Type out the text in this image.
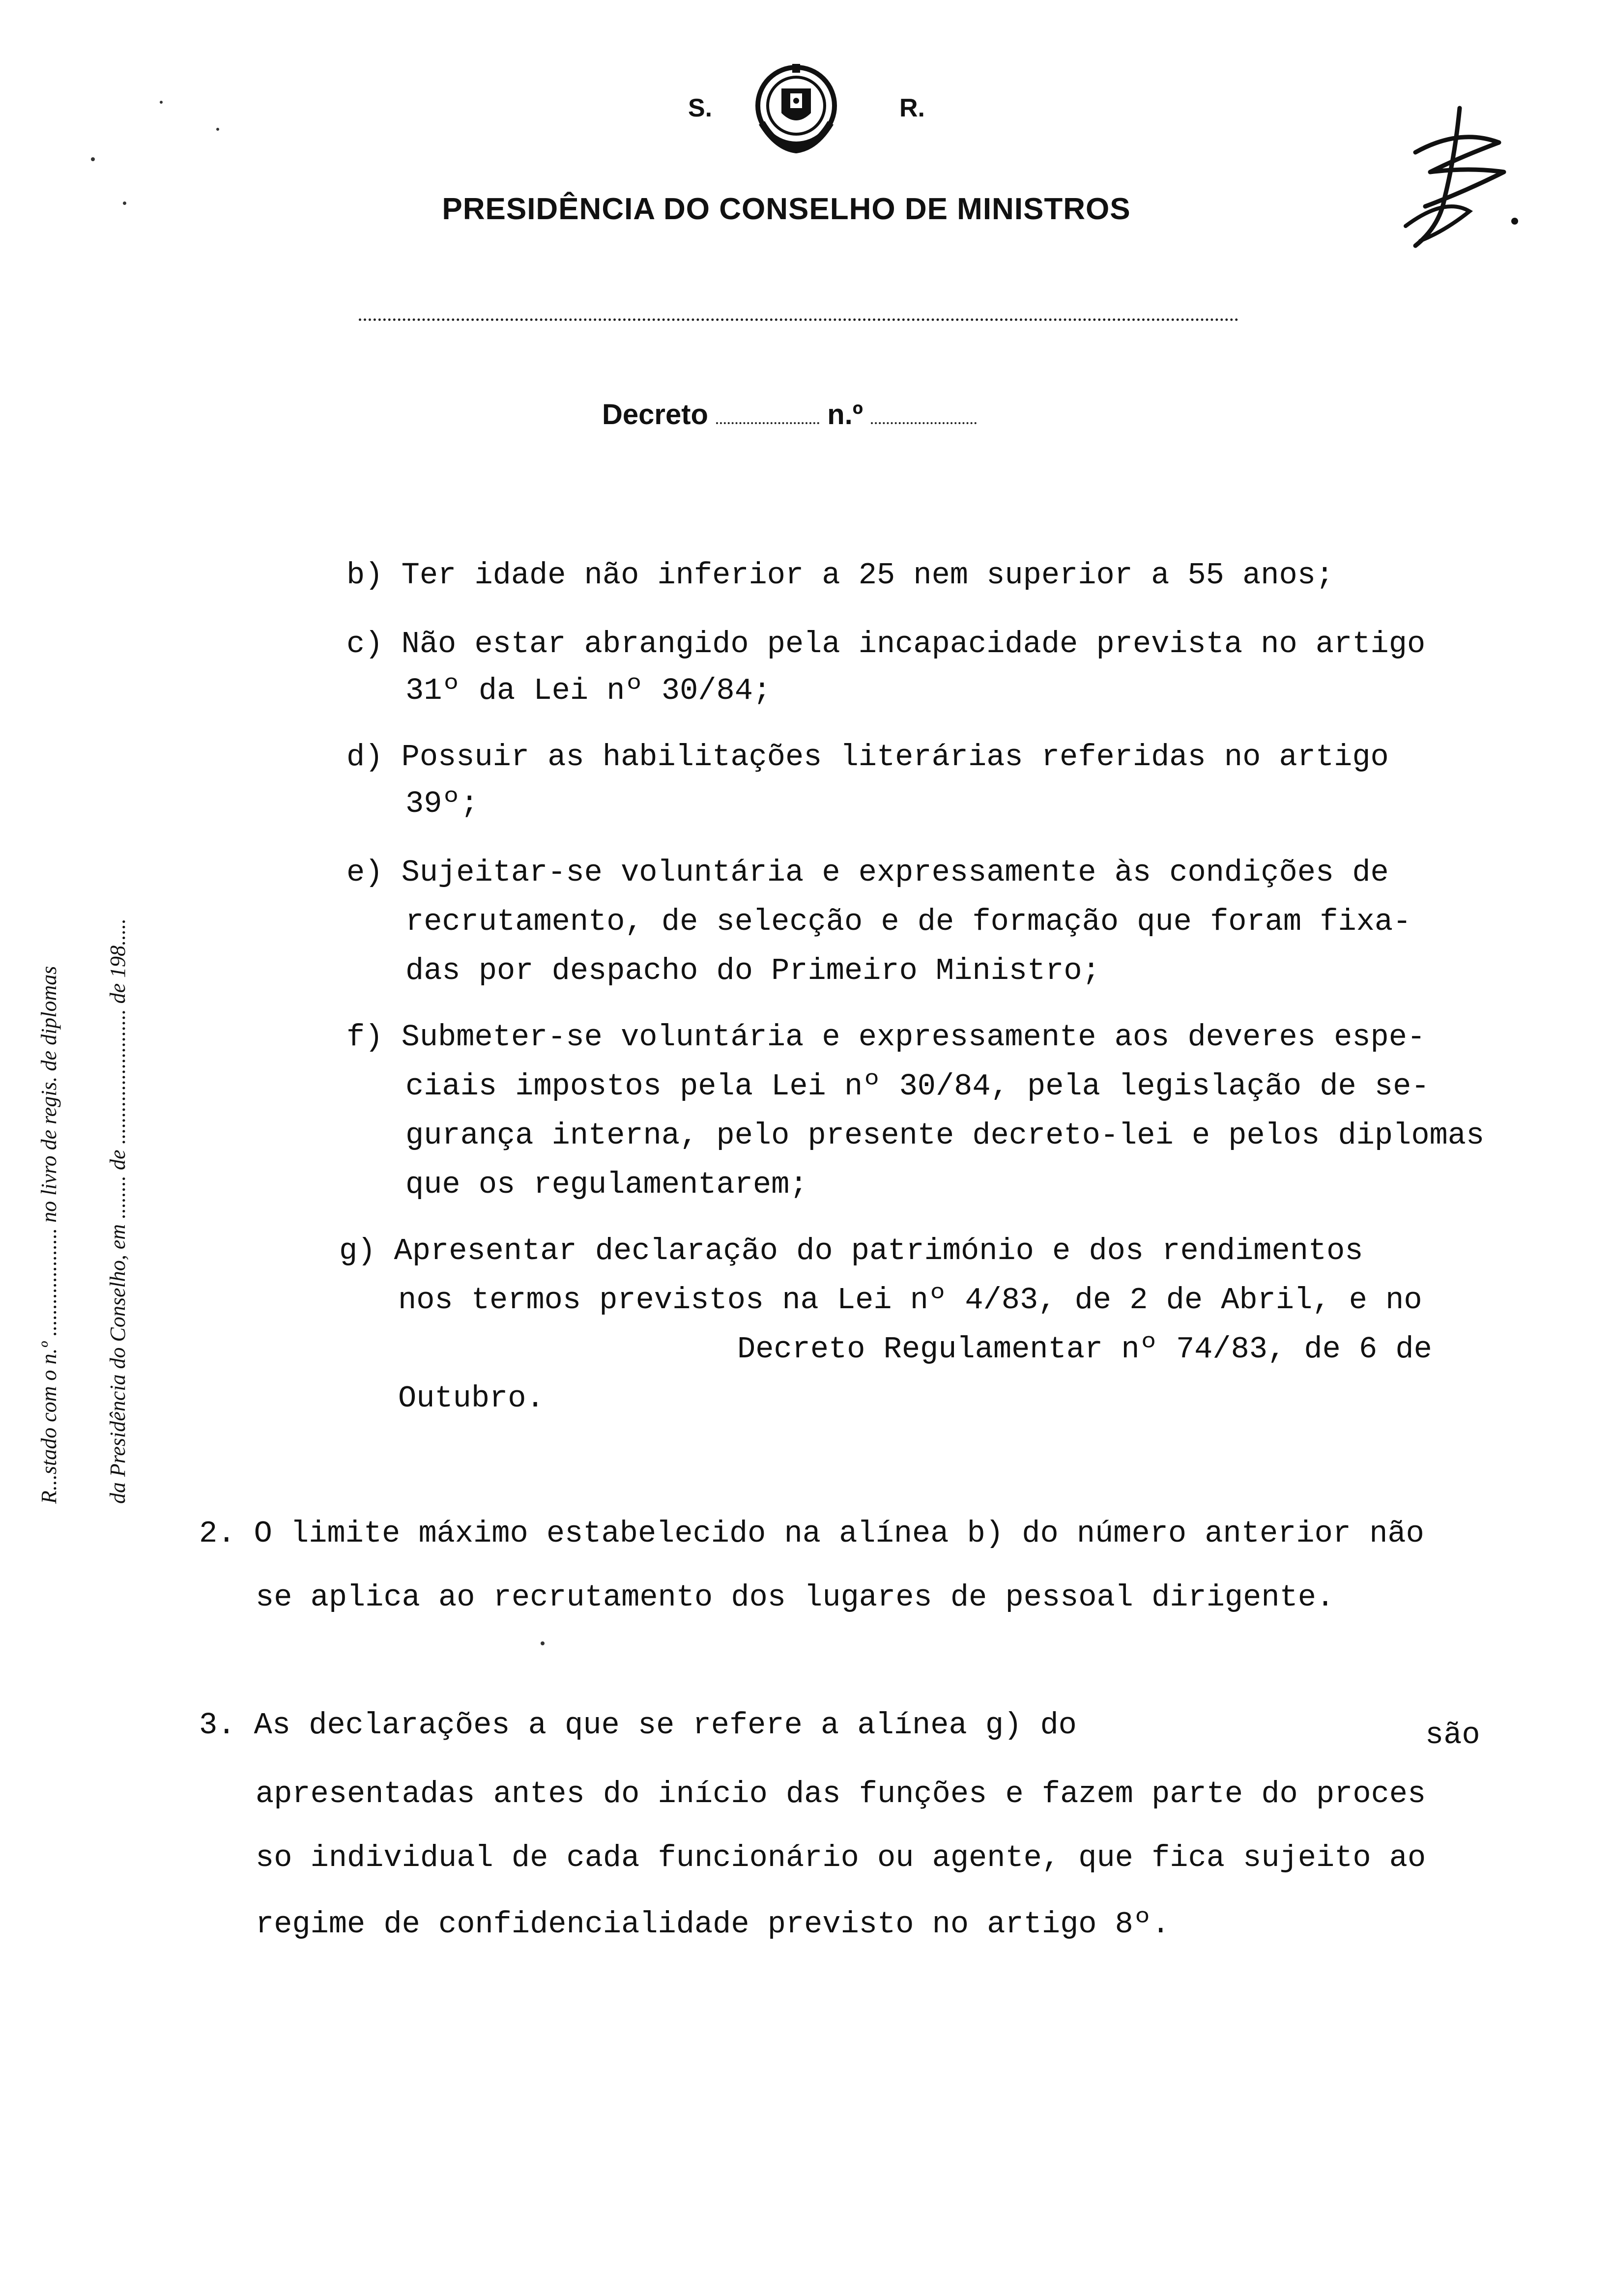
S.	R.
PRESIDÊNCIA DO CONSELHO DE MINISTROS
Decreto	n.º
R...stado com o n.º .................... no livro de regis. de diplomas	da Presidência do Conselho, em ........ de ......................... de 198.....
b) Ter idade não inferior a 25 nem superior a 55 anos;
c) Não estar abrangido pela incapacidade prevista no artigo
31º da Lei nº 30/84;
d) Possuir as habilitações literárias referidas no artigo
39º;
e) Sujeitar-se voluntária e expressamente às condições de
recrutamento, de selecção e de formação que foram fixa-
das por despacho do Primeiro Ministro;
f) Submeter-se voluntária e expressamente aos deveres espe-
ciais impostos pela Lei nº 30/84, pela legislação de se-
gurança interna, pelo presente decreto-lei e pelos diplomas
que os regulamentarem;
g) Apresentar declaração do património e dos rendimentos
nos termos previstos na Lei nº 4/83, de 2 de Abril, e no
Decreto Regulamentar nº 74/83, de 6 de
Outubro.
2. O limite máximo estabelecido na alínea b) do número anterior não
se aplica ao recrutamento dos lugares de pessoal dirigente.
3. As declarações a que se refere a alínea g) do	são
apresentadas antes do início das funções e fazem parte do proces
so individual de cada funcionário ou agente, que fica sujeito ao
regime de confidencialidade previsto no artigo 8º.
